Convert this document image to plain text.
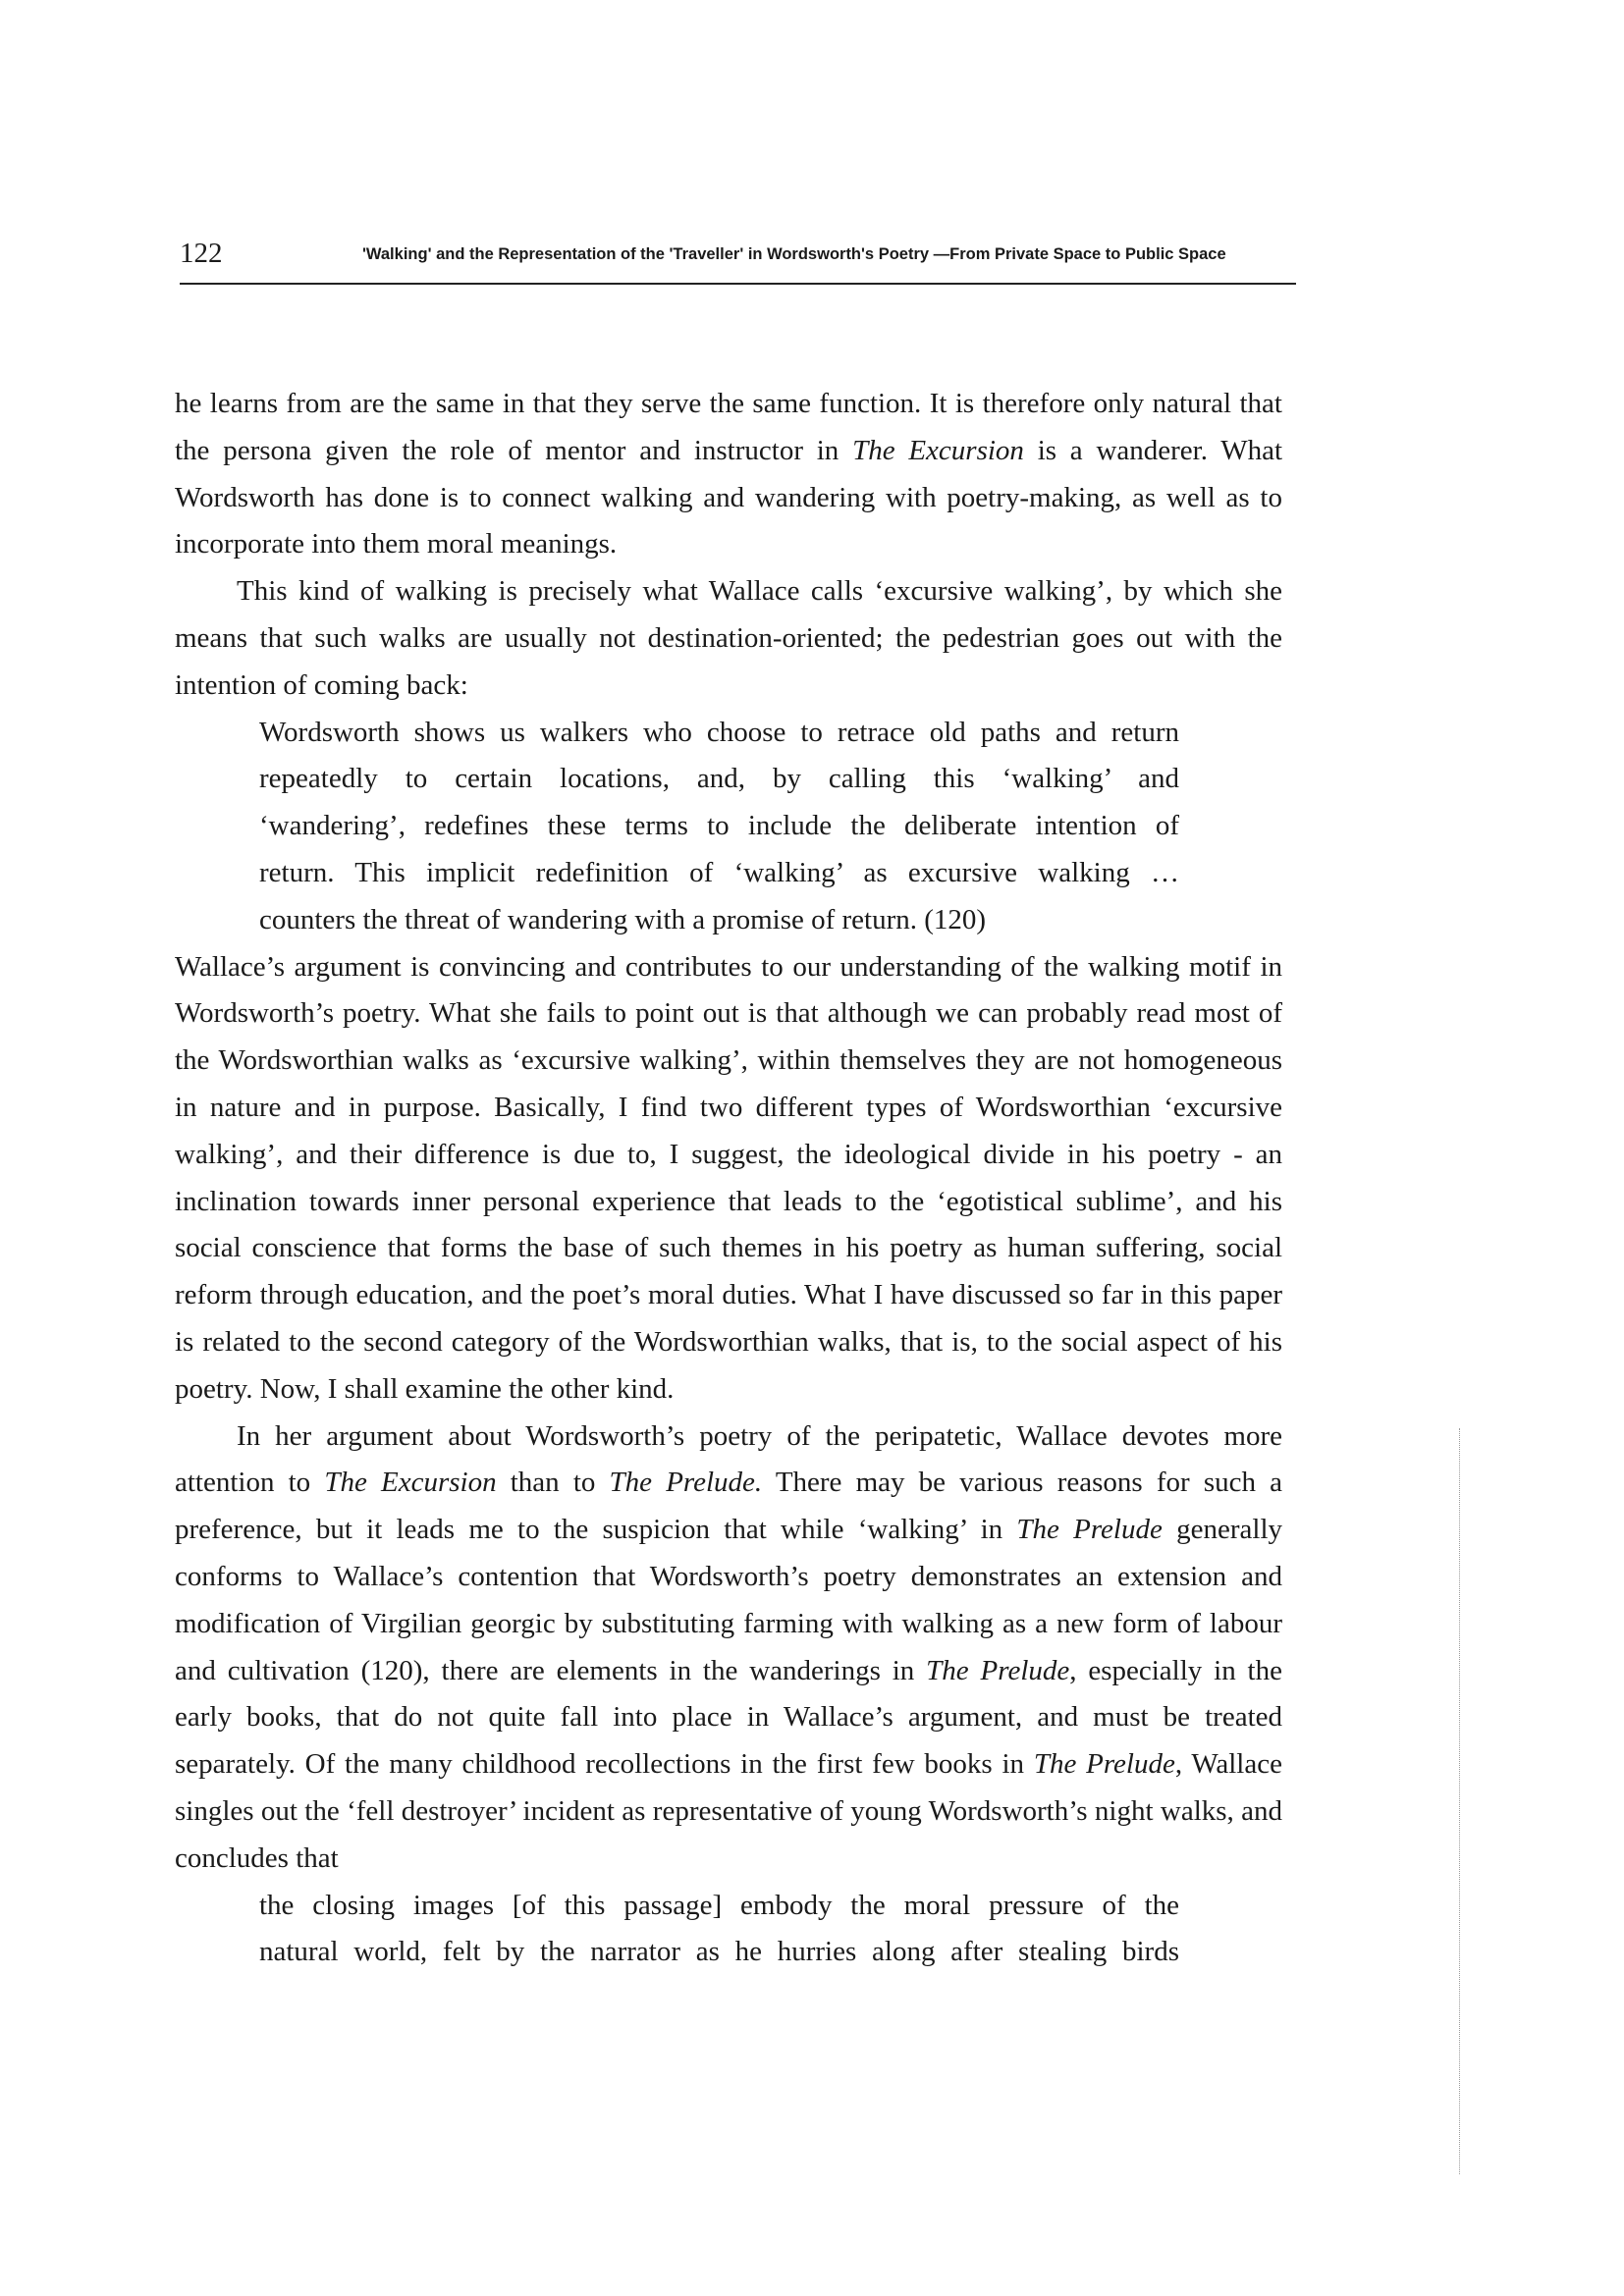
122	'Walking' and the Representation of the 'Traveller' in Wordsworth's Poetry —From Private Space to Public Space

he learns from are the same in that they serve the same function. It is therefore only natural that the persona given the role of mentor and instructor in The Excursion is a wanderer. What Wordsworth has done is to connect walking and wandering with poetry-making, as well as to incorporate into them moral meanings.

This kind of walking is precisely what Wallace calls ‘excursive walking’, by which she means that such walks are usually not destination-oriented; the pedestrian goes out with the intention of coming back:

Wordsworth shows us walkers who choose to retrace old paths and return
repeatedly to certain locations, and, by calling this ‘walking’ and
‘wandering’, redefines these terms to include the deliberate intention of
return. This implicit redefinition of ‘walking’ as excursive walking …
counters the threat of wandering with a promise of return. (120)

Wallace’s argument is convincing and contributes to our understanding of the walking motif in Wordsworth’s poetry. What she fails to point out is that although we can probably read most of the Wordsworthian walks as ‘excursive walking’, within themselves they are not homogeneous in nature and in purpose. Basically, I find two different types of Wordsworthian ‘excursive walking’, and their difference is due to, I suggest, the ideological divide in his poetry - an inclination towards inner personal experience that leads to the ‘egotistical sublime’, and his social conscience that forms the base of such themes in his poetry as human suffering, social reform through education, and the poet’s moral duties. What I have discussed so far in this paper is related to the second category of the Wordsworthian walks, that is, to the social aspect of his poetry. Now, I shall examine the other kind.

In her argument about Wordsworth’s poetry of the peripatetic, Wallace devotes more attention to The Excursion than to The Prelude. There may be various reasons for such a preference, but it leads me to the suspicion that while ‘walking’ in The Prelude generally conforms to Wallace’s contention that Wordsworth’s poetry demonstrates an extension and modification of Virgilian georgic by substituting farming with walking as a new form of labour and cultivation (120), there are elements in the wanderings in The Prelude, especially in the early books, that do not quite fall into place in Wallace’s argument, and must be treated separately. Of the many childhood recollections in the first few books in The Prelude, Wallace singles out the ‘fell destroyer’ incident as representative of young Wordsworth’s night walks, and concludes that

the closing images [of this passage] embody the moral pressure of the
natural world, felt by the narrator as he hurries along after stealing birds
